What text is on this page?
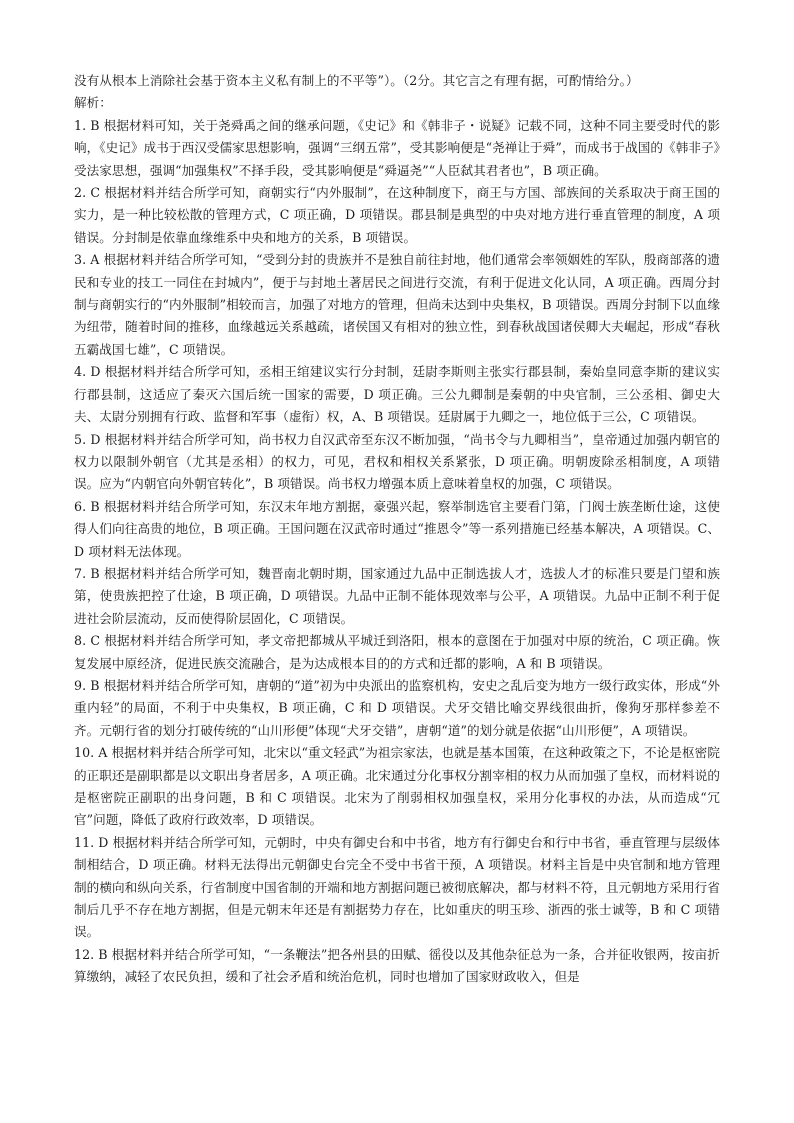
没有从根本上消除社会基于资本主义私有制上的不平等”）。（2分。其它言之有理有据，可酌情给分。）

解析：

1. B 根据材料可知，关于尧舜禹之间的继承问题，《史记》和《韩非子・说疑》记载不同，这种不同主要受时代的影响，《史记》成书于西汉受儒家思想影响，强调“三纲五常”，受其影响便是“尧禅让于舜”，而成书于战国的《韩非子》受法家思想，强调“加强集权”不择手段，受其影响便是“舜逼尧”“人臣弑其君者也”，B 项正确。

2. C 根据材料并结合所学可知，商朝实行“内外服制”，在这种制度下，商王与方国、部族间的关系取决于商王国的实力，是一种比较松散的管理方式，C 项正确，D 项错误。郡县制是典型的中央对地方进行垂直管理的制度，A 项错误。分封制是依靠血缘维系中央和地方的关系，B 项错误。

3. A 根据材料并结合所学可知，“受到分封的贵族并不是独自前往封地，他们通常会率领姻姓的军队，殷商部落的遗民和专业的技工一同住在封城内”，便于与封地土著居民之间进行交流，有利于促进文化认同，A 项正确。西周分封制与商朝实行的“内外服制”相较而言，加强了对地方的管理，但尚未达到中央集权，B 项错误。西周分封制下以血缘为纽带，随着时间的推移，血缘越远关系越疏，诸侯国又有相对的独立性，到春秋战国诸侯卿大夫崛起，形成“春秋五霸战国七雄”，C 项错误。

4. D 根据材料并结合所学可知，丞相王绾建议实行分封制，廷尉李斯则主张实行郡县制，秦始皇同意李斯的建议实行郡县制，这适应了秦灭六国后统一国家的需要，D 项正确。三公九卿制是秦朝的中央官制，三公丞相、御史大夫、太尉分别拥有行政、监督和军事（虚衔）权，A、B 项错误。廷尉属于九卿之一，地位低于三公，C 项错误。

5. D 根据材料并结合所学可知，尚书权力自汉武帝至东汉不断加强，“尚书令与九卿相当”，皇帝通过加强内朝官的权力以限制外朝官（尤其是丞相）的权力，可见，君权和相权关系紧张，D 项正确。明朝废除丞相制度，A 项错误。应为“内朝官向外朝官转化”，B 项错误。尚书权力增强本质上意味着皇权的加强，C 项错误。

6. B 根据材料并结合所学可知，东汉末年地方割据，豪强兴起，察举制选官主要看门第，门阀士族垄断仕途，这使得人们向往高贵的地位，B 项正确。王国问题在汉武帝时通过“推恩令”等一系列措施已经基本解决，A 项错误。C、D 项材料无法体现。

7. B 根据材料并结合所学可知，魏晋南北朝时期，国家通过九品中正制选拔人才，选拔人才的标准只要是门望和族第，使贵族把控了仕途，B 项正确，D 项错误。九品中正制不能体现效率与公平，A 项错误。九品中正制不利于促进社会阶层流动，反而使得阶层固化，C 项错误。

8. C 根据材料并结合所学可知，孝文帝把都城从平城迁到洛阳，根本的意图在于加强对中原的统治，C 项正确。恢复发展中原经济，促进民族交流融合，是为达成根本目的的方式和迁都的影响，A 和 B 项错误。

9. B 根据材料并结合所学可知，唐朝的“道”初为中央派出的监察机构，安史之乱后变为地方一级行政实体，形成“外重内轻”的局面，不利于中央集权，B 项正确，C 和 D 项错误。犬牙交错比喻交界线很曲折，像狗牙那样参差不齐。元朝行省的划分打破传统的“山川形便”体现“犬牙交错”，唐朝“道”的划分就是依据“山川形便”，A 项错误。

10. A 根据材料并结合所学可知，北宋以“重文轻武”为祖宗家法，也就是基本国策，在这种政策之下，不论是枢密院的正职还是副职都是以文职出身者居多，A 项正确。北宋通过分化事权分割宰相的权力从而加强了皇权，而材料说的是枢密院正副职的出身问题，B 和 C 项错误。北宋为了削弱相权加强皇权，采用分化事权的办法，从而造成“冗官”问题，降低了政府行政效率，D 项错误。

11. D 根据材料并结合所学可知，元朝时，中央有御史台和中书省，地方有行御史台和行中书省，垂直管理与层级体制相结合，D 项正确。材料无法得出元朝御史台完全不受中书省干预，A 项错误。材料主旨是中央官制和地方管理制的横向和纵向关系，行省制度中国省制的开端和地方割据问题已被彻底解决，都与材料不符，且元朝地方采用行省制后几乎不存在地方割据，但是元朝末年还是有割据势力存在，比如重庆的明玉珍、浙西的张士诚等，B 和 C 项错误。

12. B 根据材料并结合所学可知，“一条鞭法”把各州县的田赋、徭役以及其他杂征总为一条，合并征收银两，按亩折算缴纳，减轻了农民负担，缓和了社会矛盾和统治危机，同时也增加了国家财政收入，但是
